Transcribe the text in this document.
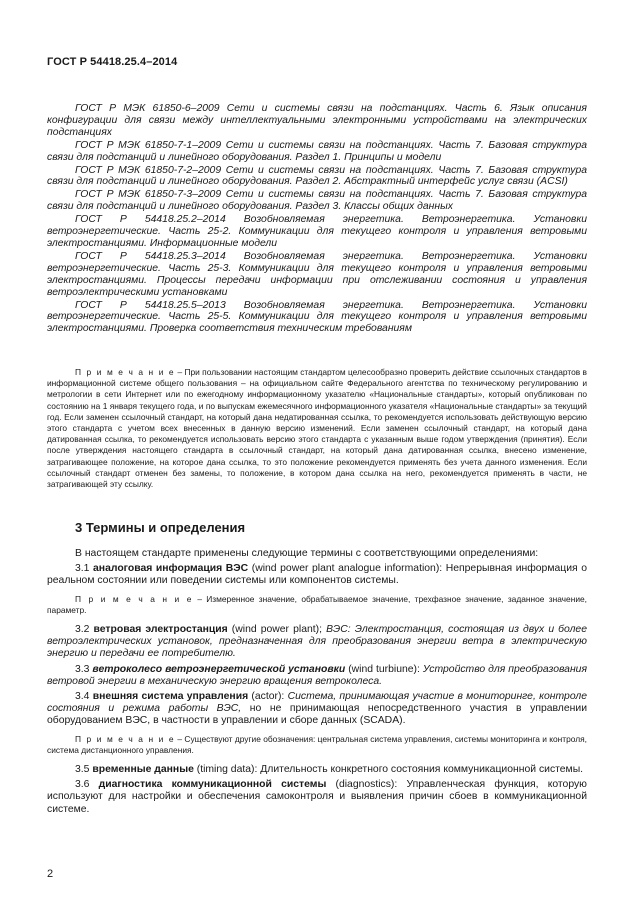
ГОСТ Р 54418.25.4–2014

ГОСТ Р МЭК 61850-6–2009 Сети и системы связи на подстанциях. Часть 6. Язык описания конфигурации для связи между интеллектуальными электронными устройствами на электрических подстанциях

ГОСТ Р МЭК 61850-7-1–2009 Сети и системы связи на подстанциях. Часть 7. Базовая структура связи для подстанций и линейного оборудования. Раздел 1. Принципы и модели

ГОСТ Р МЭК 61850-7-2–2009 Сети и системы связи на подстанциях. Часть 7. Базовая структура связи для подстанций и линейного оборудования. Раздел 2. Абстрактный интерфейс услуг связи (ACSI)

ГОСТ Р МЭК 61850-7-3–2009 Сети и системы связи на подстанциях. Часть 7. Базовая структура связи для подстанций и линейного оборудования. Раздел 3. Классы общих данных

ГОСТ Р 54418.25.2–2014 Возобновляемая энергетика. Ветроэнергетика. Установки ветроэнергетические. Часть 25-2. Коммуникации для текущего контроля и управления ветровыми электростанциями. Информационные модели

ГОСТ Р 54418.25.3–2014 Возобновляемая энергетика. Ветроэнергетика. Установки ветроэнергетические. Часть 25-3. Коммуникации для текущего контроля и управления ветровыми электростанциями. Процессы передачи информации при отслеживании состояния и управления ветроэлектрическими установками

ГОСТ Р 54418.25.5–2013 Возобновляемая энергетика. Ветроэнергетика. Установки ветроэнергетические. Часть 25-5. Коммуникации для текущего контроля и управления ветровыми электростанциями. Проверка соответствия техническим требованиям

П р и м е ч а н и е – При пользовании настоящим стандартом целесообразно проверить действие ссылочных стандартов в информационной системе общего пользования – на официальном сайте Федерального агентства по техническому регулированию и метрологии в сети Интернет или по ежегодному информационному указателю «Национальные стандарты», который опубликован по состоянию на 1 января текущего года, и по выпускам ежемесячного информационного указателя «Национальные стандарты» за текущий год. Если заменен ссылочный стандарт, на который дана недатированная ссылка, то рекомендуется использовать действующую версию этого стандарта с учетом всех внесенных в данную версию изменений. Если заменен ссылочный стандарт, на который дана датированная ссылка, то рекомендуется использовать версию этого стандарта с указанным выше годом утверждения (принятия). Если после утверждения настоящего стандарта в ссылочный стандарт, на который дана датированная ссылка, внесено изменение, затрагивающее положение, на которое дана ссылка, то это положение рекомендуется применять без учета данного изменения. Если ссылочный стандарт отменен без замены, то положение, в котором дана ссылка на него, рекомендуется применять в части, не затрагивающей эту ссылку.

3 Термины и определения

В настоящем стандарте применены следующие термины с соответствующими определениями:

3.1 аналоговая информация ВЭС (wind power plant analogue information): Непрерывная информация о реальном состоянии или поведении системы или компонентов системы.

П р и м е ч а н и е – Измеренное значение, обрабатываемое значение, трехфазное значение, заданное значение, параметр.

3.2 ветровая электростанция (wind power plant); ВЭС: Электростанция, состоящая из двух и более ветроэлектрических установок, предназначенная для преобразования энергии ветра в электрическую энергию и передачи ее потребителю.

3.3 ветроколесо ветроэнергетической установки (wind turbiune): Устройство для преобразования ветровой энергии в механическую энергию вращения ветроколеса.

3.4 внешняя система управления (actor): Система, принимающая участие в мониторинге, контроле состояния и режима работы ВЭС, но не принимающая непосредственного участия в управлении оборудованием ВЭС, в частности в управлении и сборе данных (SCADA).

П р и м е ч а н и е – Существуют другие обозначения: центральная система управления, системы мониторинга и контроля, система дистанционного управления.

3.5 временные данные (timing data): Длительность конкретного состояния коммуникационной системы.

3.6 диагностика коммуникационной системы (diagnostics): Управленческая функция, которую используют для настройки и обеспечения самоконтроля и выявления причин сбоев в коммуникационной системе.

2
